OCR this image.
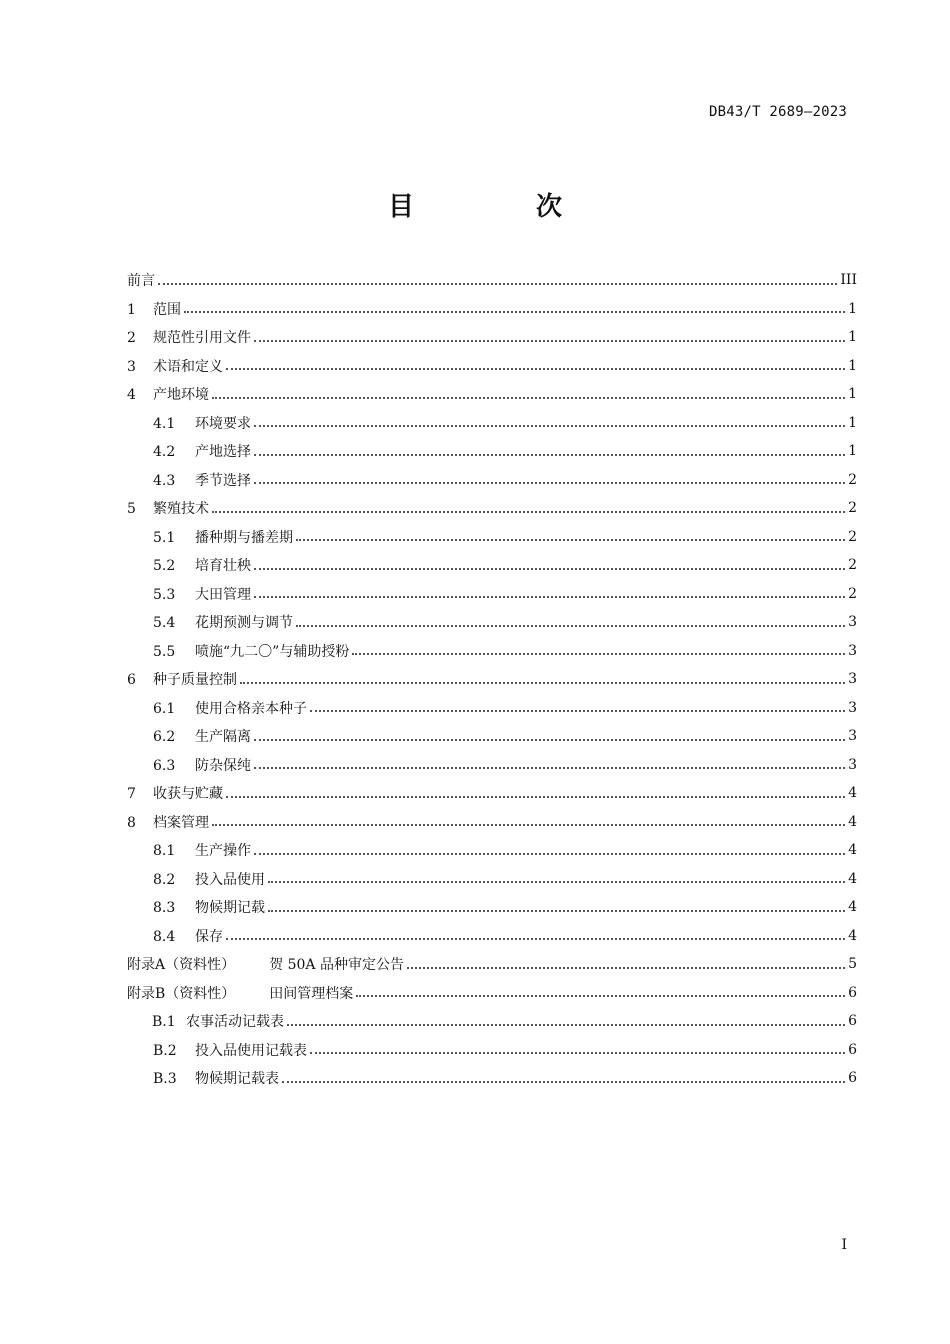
DB43/T 2689—2023
目　次
前言	III
1 范围	1
2 规范性引用文件	1
3 术语和定义	1
4 产地环境	1
4.1 环境要求	1
4.2 产地选择	1
4.3 季节选择	2
5 繁殖技术	2
5.1 播种期与播差期	2
5.2 培育壮秧	2
5.3 大田管理	2
5.4 花期预测与调节	3
5.5 喷施“九二〇”与辅助授粉	3
6 种子质量控制	3
6.1 使用合格亲本种子	3
6.2 生产隔离	3
6.3 防杂保纯	3
7 收获与贮藏	4
8 档案管理	4
8.1 生产操作	4
8.2 投入品使用	4
8.3 物候期记载	4
8.4 保存	4
附录A（资料性） 贺 50A 品种审定公告	5
附录B（资料性） 田间管理档案	6
B.1 农事活动记载表	6
B.2 投入品使用记载表	6
B.3 物候期记载表	6
I
